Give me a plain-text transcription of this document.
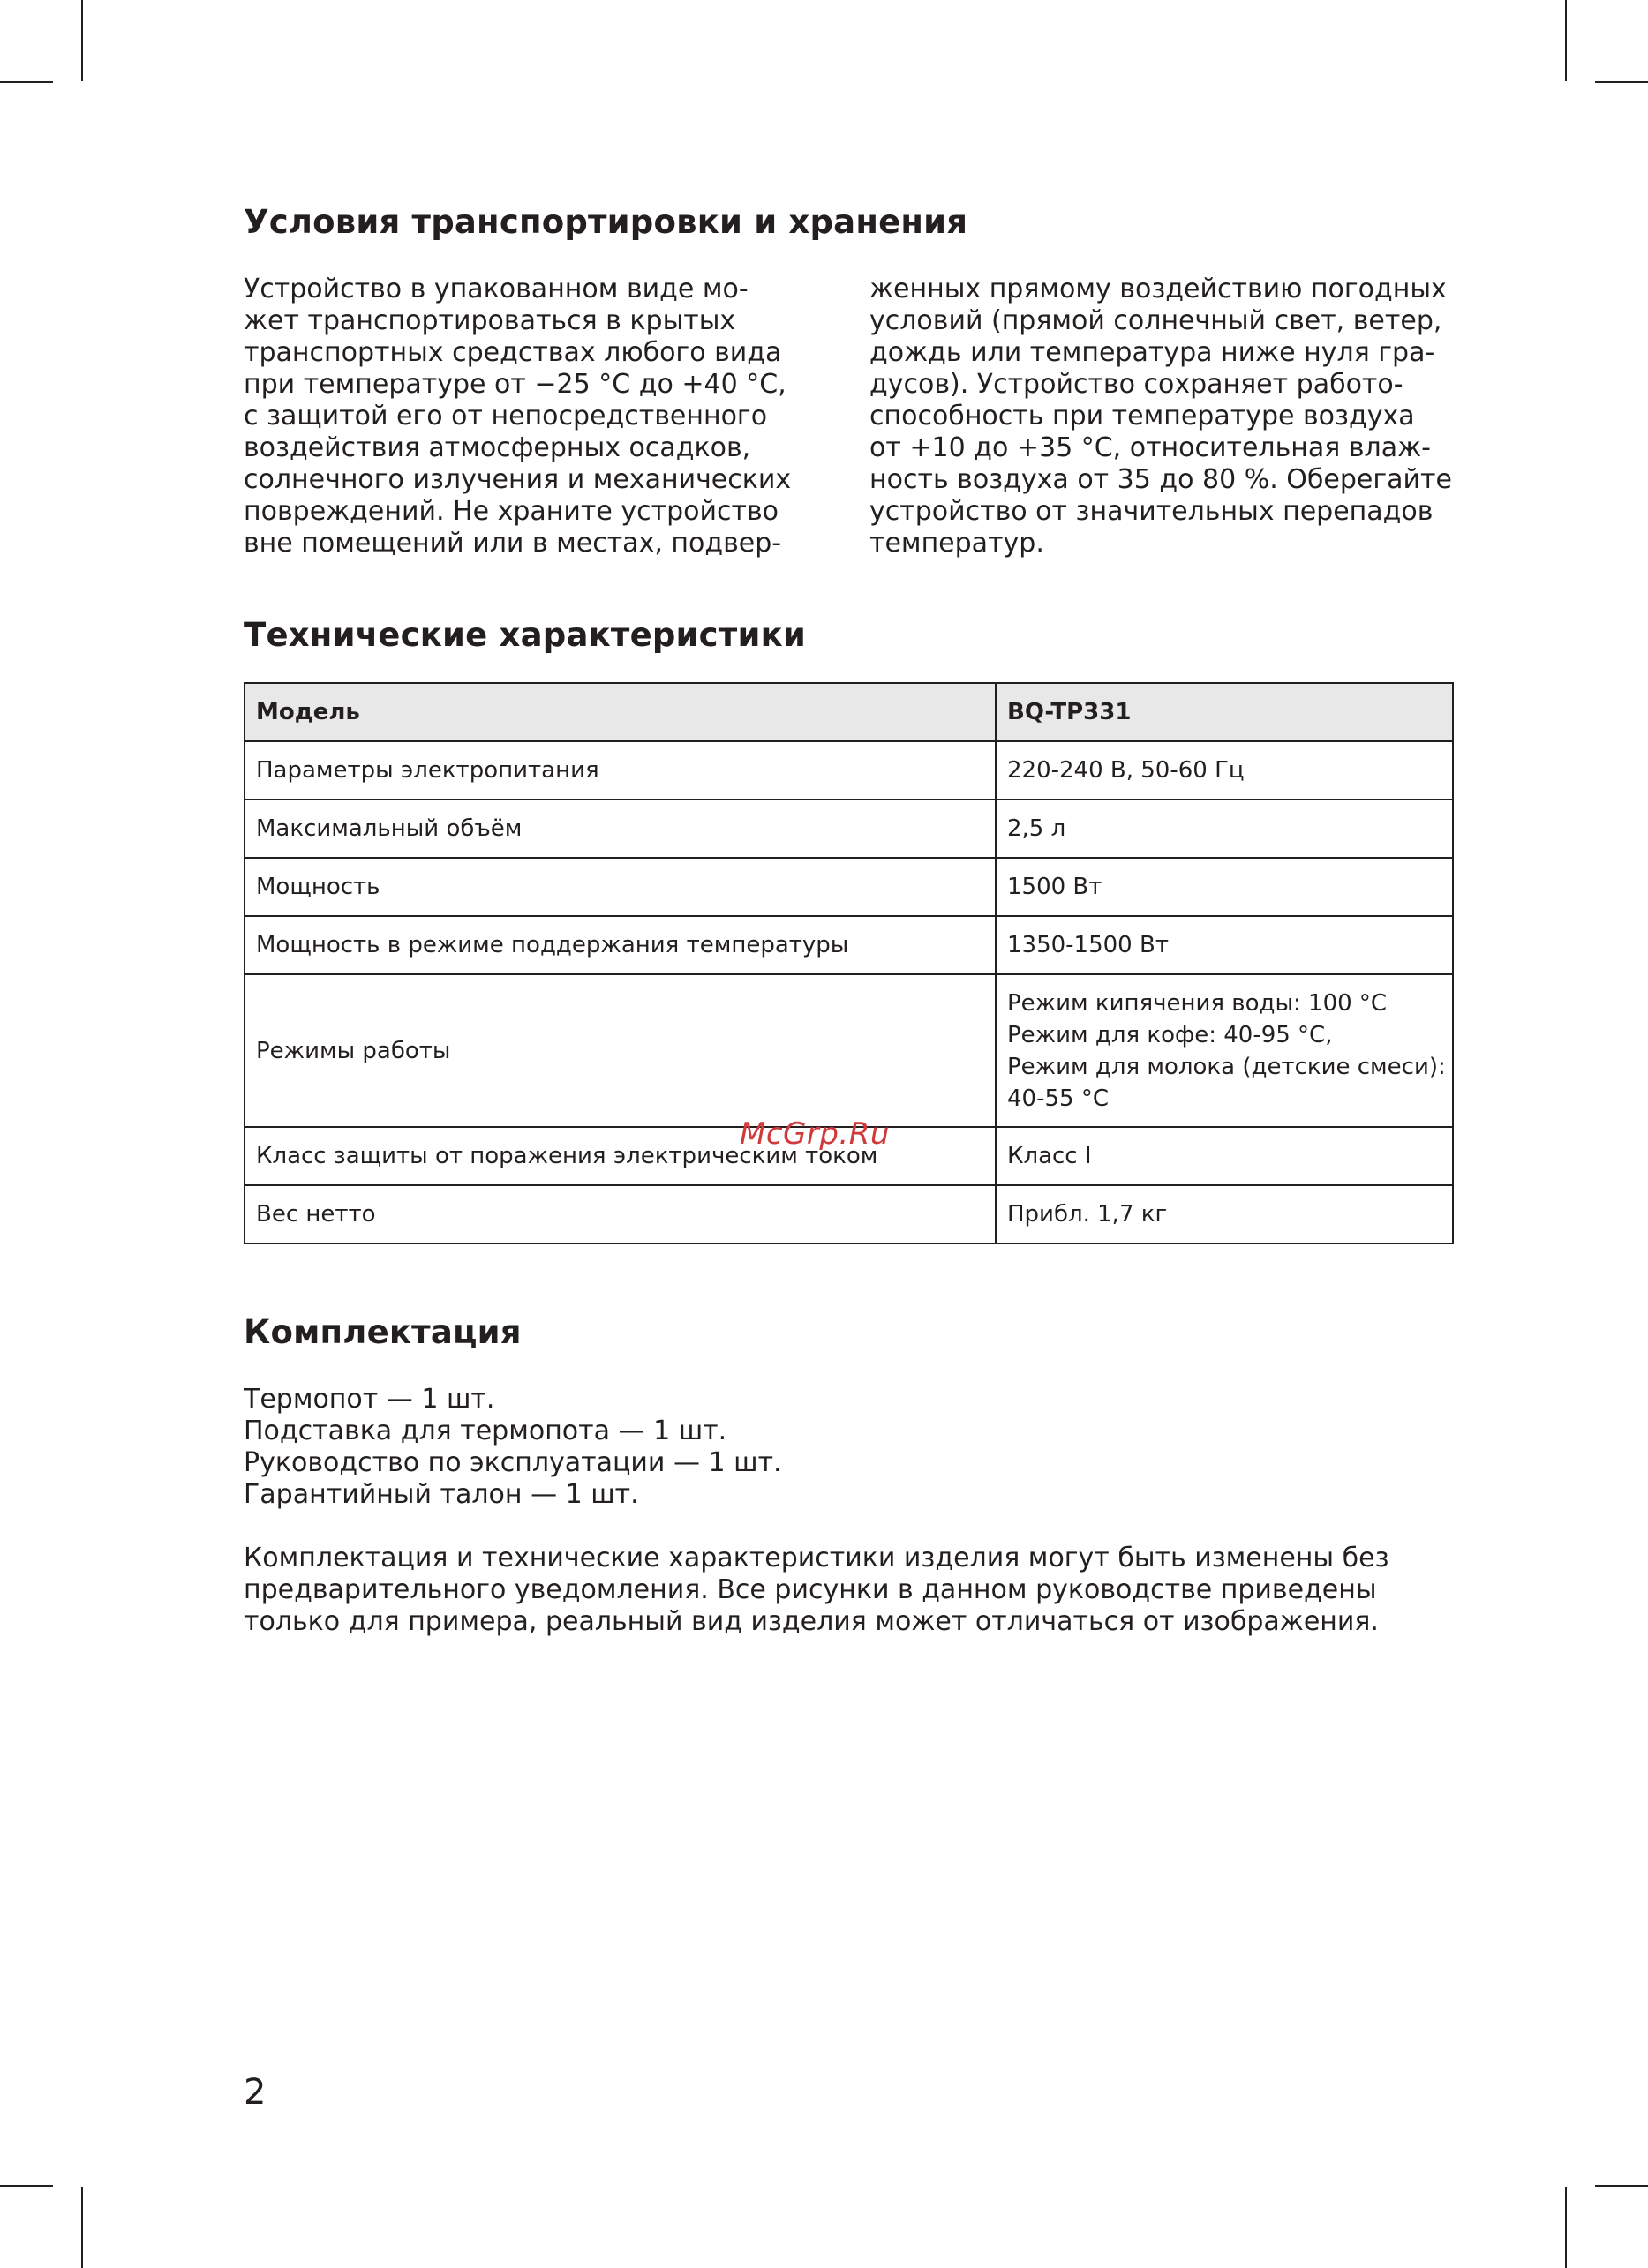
Условия транспортировки и хранения

Устройство в упакованном виде мо-
жет транспортироваться в крытых
транспортных средствах любого вида
при температуре от −25 °С до +40 °С,
с защитой его от непосредственного
воздействия атмосферных осадков,
солнечного излучения и механических
повреждений. Не храните устройство
вне помещений или в местах, подвер-

женных прямому воздействию погодных
условий (прямой солнечный свет, ветер,
дождь или температура ниже нуля гра-
дусов). Устройство сохраняет работо-
способность при температуре воздуха
от +10 до +35 °С, относительная влаж-
ность воздуха от 35 до 80 %. Оберегайте
устройство от значительных перепадов
температур.

Технические характеристики
Модель	BQ-TP331
Параметры электропитания	220-240 В, 50-60 Гц
Максимальный объём	2,5 л
Мощность	1500 Вт
Мощность в режиме поддержания температуры	1350-1500 Вт
Режимы работы	Режим кипячения воды: 100 °С
Режим для кофе: 40-95 °С,
Режим для молока (детские смеси):
40-55 °С

Класс защиты от поражения электрическим током	Класс I
Вес нетто	Прибл. 1,7 кг
McGrp.Ru
Комплектация
Термопот — 1 шт.
Подставка для термопота — 1 шт.
Руководство по эксплуатации — 1 шт.
Гарантийный талон — 1 шт.

Комплектация и технические характеристики изделия могут быть изменены без
предварительного уведомления. Все рисунки в данном руководстве приведены
только для примера, реальный вид изделия может отличаться от изображения.

2
